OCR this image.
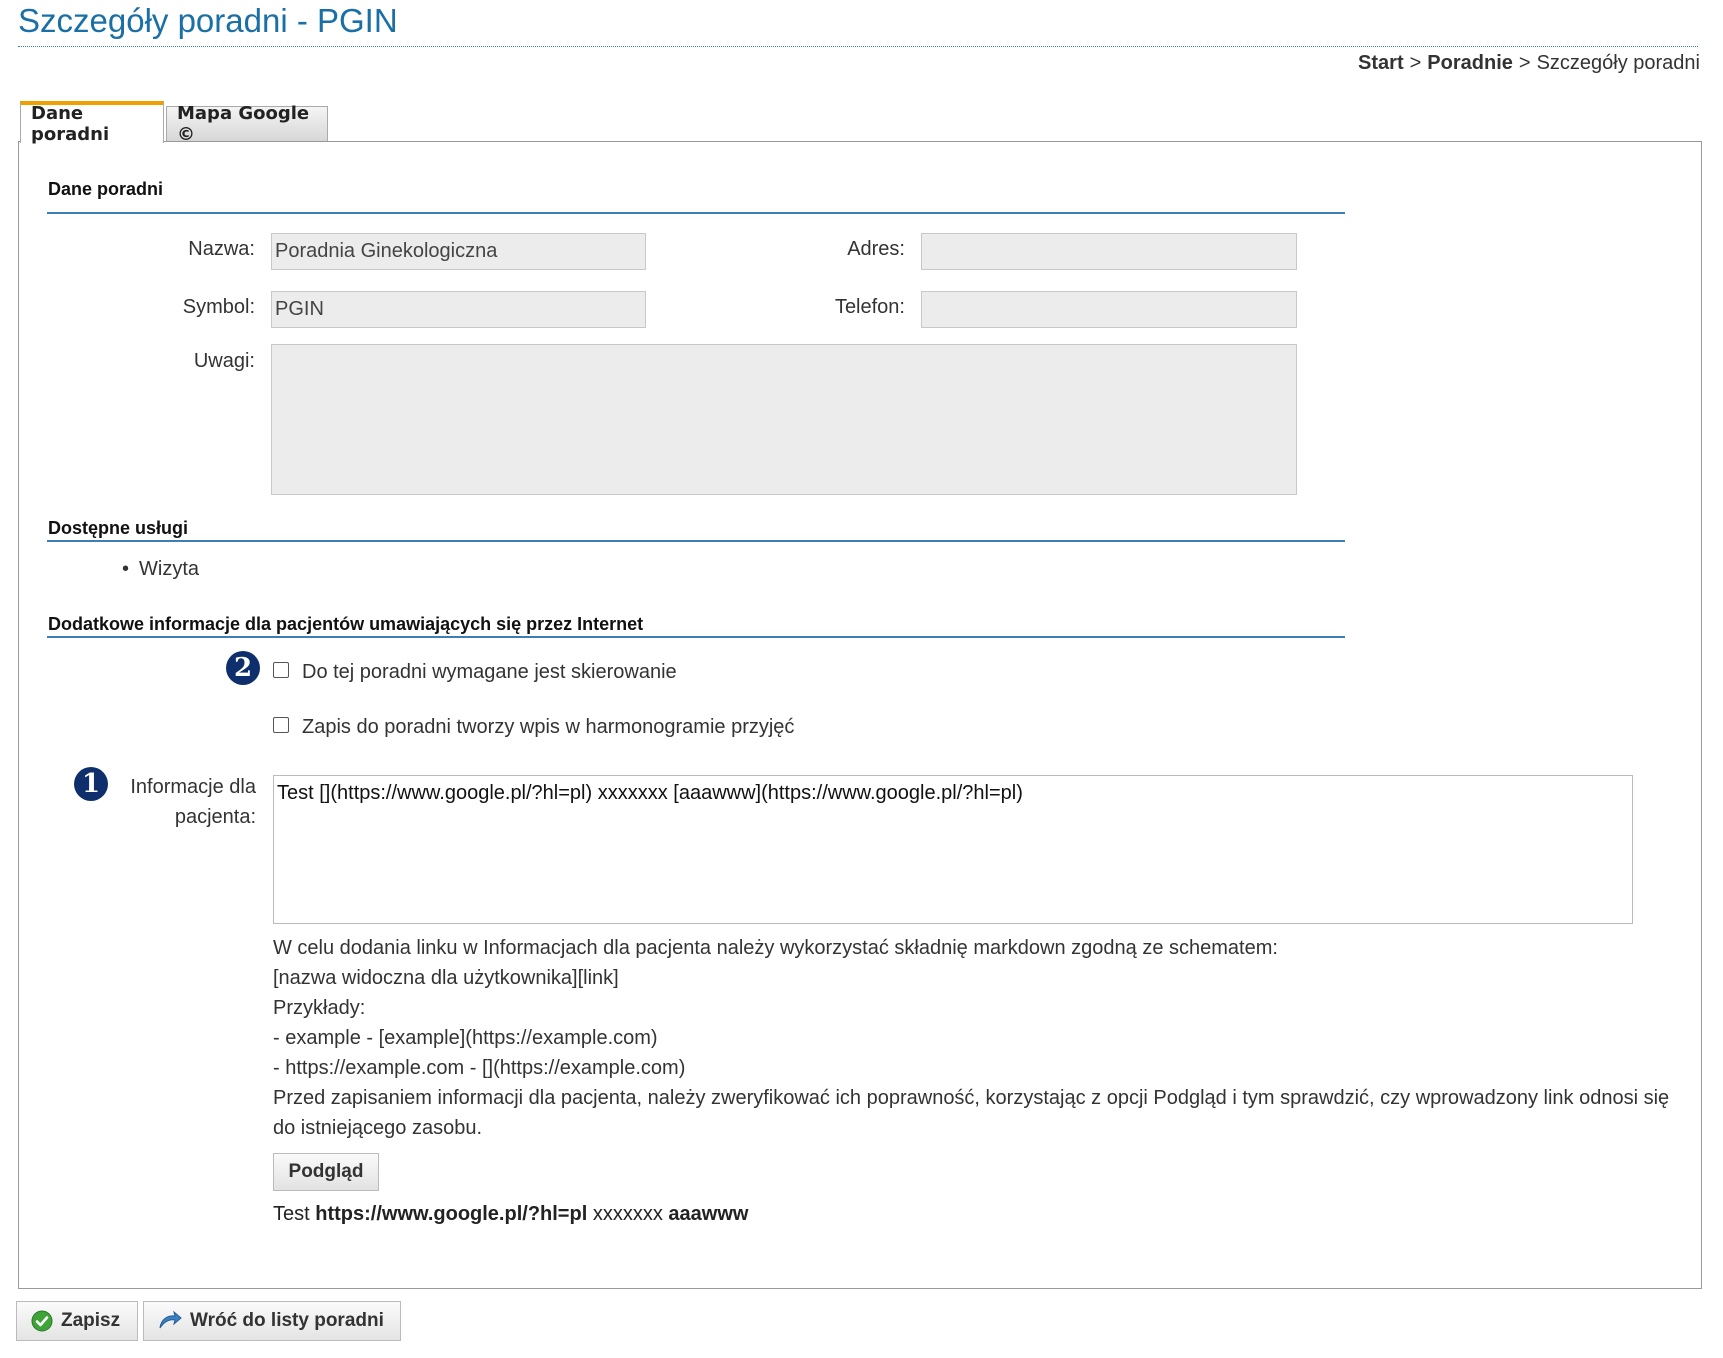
Szczegóły poradni - PGIN
Start > Poradnie > Szczegóły poradni
Dane poradni
Mapa Google ©
Dane poradni
Nazwa: Poradnia Ginekologiczna	Adres:
Symbol: PGIN	Telefon:
Uwagi:
Dostępne usługi
• Wizyta
Dodatkowe informacje dla pacjentów umawiających się przez Internet
2	Do tej poradni wymagane jest skierowanie
Zapis do poradni tworzy wpis w harmonogramie przyjęć
1	Informacje dla
pacjenta:
Test [](https://www.google.pl/?hl=pl) xxxxxxx [aaawww](https://www.google.pl/?hl=pl)
W celu dodania linku w Informacjach dla pacjenta należy wykorzystać składnię markdown zgodną ze schematem:
[nazwa widoczna dla użytkownika][link]
Przykłady:
- example - [example](https://example.com)
- https://example.com - [](https://example.com)
Przed zapisaniem informacji dla pacjenta, należy zweryfikować ich poprawność, korzystając z opcji Podgląd i tym sprawdzić, czy wprowadzony link odnosi się
do istniejącego zasobu.
Podgląd
Test https://www.google.pl/?hl=pl xxxxxxx aaawww
Zapisz	Wróć do listy poradni
